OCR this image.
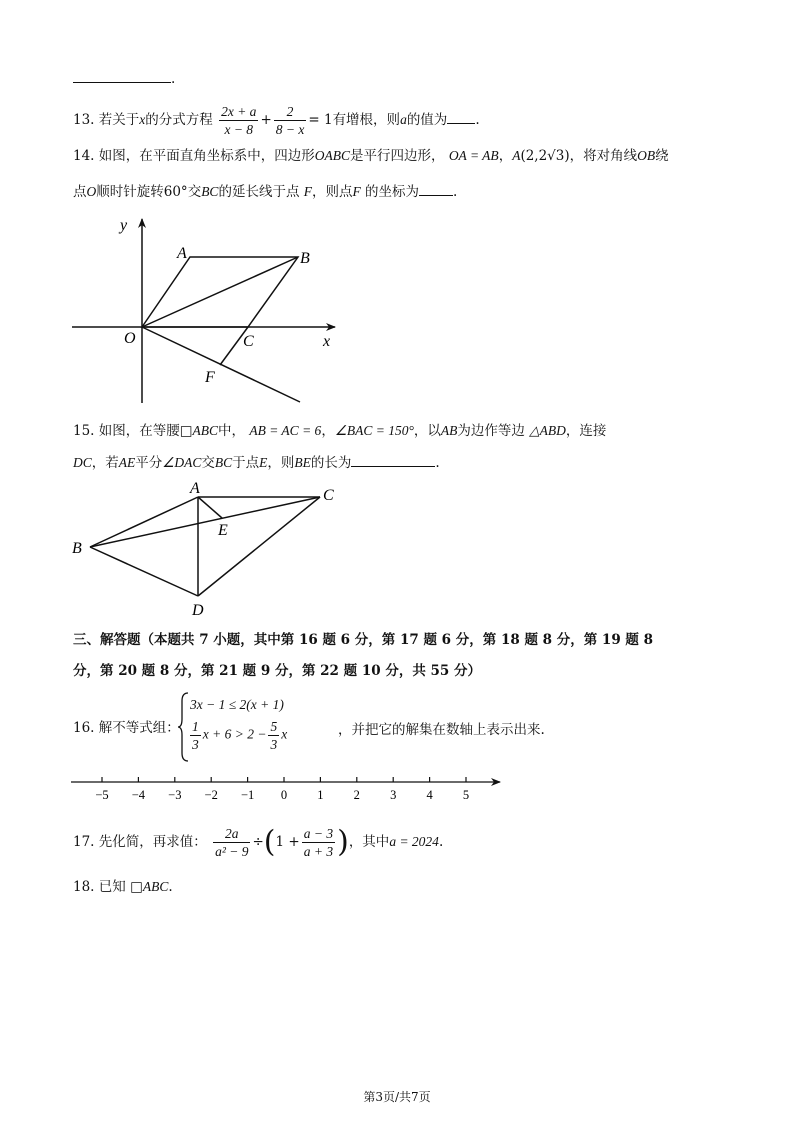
.
13. 若关于x的分式方程 $\frac{2x + a}{x - 8} + \frac{2}{8 - x} = 1$有增根，则a的值为 .
14. 如图，在平面直角坐标系中，四边形OABC是平行四边形， OA = AB，A(2,2√3)，将对角线OB绕
点O顺时针旋转60°交BC的延长线于点 F，则点F 的坐标为	.
y
A	B
O	C	x
F
15. 如图，在等腰□ABC中， AB = AC = 6，∠BAC = 150°，以AB为边作等边 △ABD，连接
DC，若AE平分∠DAC交BC于点E，则BE的长为	.
A	C
E
B
D
三、解答题（本题共 7 小题，其中第 16 题 6 分，第 17 题 6 分，第 18 题 8 分，第 19 题 8
分，第 20 题 8 分，第 21 题 9 分，第 22 题 10 分，共 55 分）
16. 解不等式组：
3x − 1 ≤ 2(x + 1)
$\frac{1}{3}$ $x + 6 > 2 - \frac{5}{3}$ x	，并把它的解集在数轴上表示出来.
−5 −4 −3 −2 −1 0 1 2 3 4 5
17. 先化简，再求值： $\frac{2a}{\text{a² − 9}} \div(1 + \frac{a - 3}{a + 3}$ )，其中a = 2024.
18. 已知 □ABC.
第3页/共7页
